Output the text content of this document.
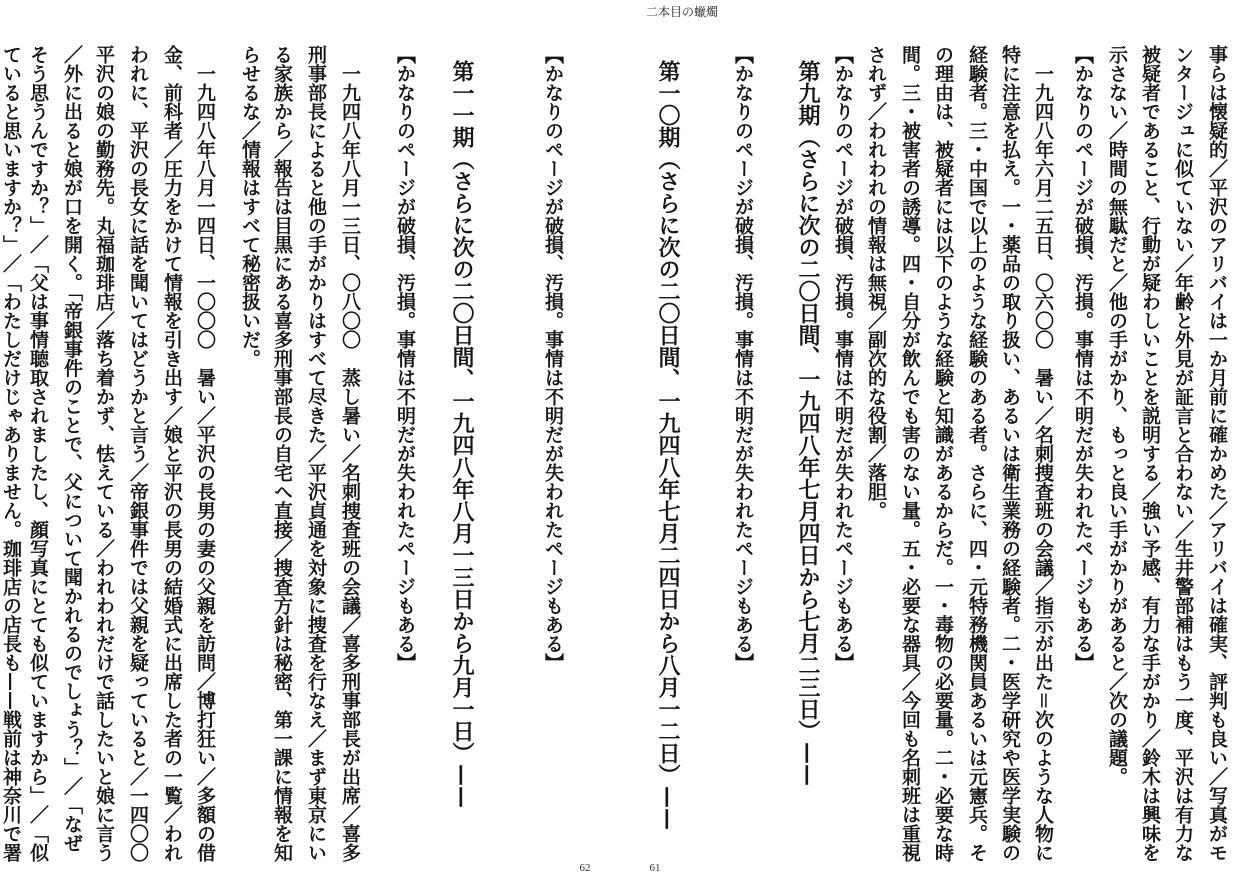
二本目の蠟燭
【かなりのページが破損、汚損。事情は不明だが失われたページもある】
第一一期（さらに次の二〇日間、一九四八年八月一三日から九月一日）——
【かなりのページが破損、汚損。事情は不明だが失われたページもある】
一九四八年八月一三日、〇八〇〇　蒸し暑い／名刺捜査班の会議／喜多刑事部長が出席／喜多
刑事部長によると他の手がかりはすべて尽きた／平沢貞通を対象に捜査を行なえ／まず東京にい
る家族から／報告は目黒にある喜多刑事部長の自宅へ直接／捜査方針は秘密、第一課に情報を知
らせるな／情報はすべて秘密扱いだ。
一九四八年八月一四日、一〇〇〇　暑い／平沢の長男の妻の父親を訪問／博打狂い／多額の借
金、前科者／圧力をかけて情報を引き出す／娘と平沢の長男の結婚式に出席した者の一覧／われ
われに、平沢の長女に話を聞いてはどうかと言う／帝銀事件では父親を疑っていると／一四〇〇
平沢の娘の勤務先。丸福珈琲店／落ち着かず、怯えている／われわれだけで話したいと娘に言う
／外に出ると娘が口を開く。「帝銀事件のことで、父について聞かれるのでしょう？」／「なぜ
そう思うんですか？」／「父は事情聴取されましたし、顔写真にとても似ていますから」／「似
ていると思いますか？」／「わたしだけじゃありません。珈琲店の店長も——戦前は神奈川で署
62
事らは懐疑的／平沢のアリバイは一か月前に確かめた／アリバイは確実、評判も良い／写真がモ
ンタージュに似ていない／年齢と外見が証言と合わない／生井警部補はもう一度、平沢は有力な
被疑者であること、行動が疑わしいことを説明する／強い予感、有力な手がかり／鈴木は興味を
示さない／時間の無駄だと／他の手がかり、もっと良い手がかりがあると／次の議題。
【かなりのページが破損、汚損。事情は不明だが失われたページもある】
一九四八年六月二五日、〇六〇〇　暑い／名刺捜査班の会議／指示が出た＝次のような人物に
特に注意を払え。一・薬品の取り扱い、あるいは衛生業務の経験者。二・医学研究や医学実験の
経験者。三・中国で以上のような経験のある者。さらに、四・元特務機関員あるいは元憲兵。そ
の理由は、被疑者には以下のような経験と知識があるからだ。一・毒物の必要量。二・必要な時
間。三・被害者の誘導。四・自分が飲んでも害のない量。五・必要な器具／今回も名刺班は重視
されず／われわれの情報は無視／副次的な役割／落胆。
【かなりのページが破損、汚損。事情は不明だが失われたページもある】
第九期（さらに次の二〇日間、一九四八年七月四日から七月二三日）——
【かなりのページが破損、汚損。事情は不明だが失われたページもある】
第一〇期（さらに次の二〇日間、一九四八年七月二四日から八月一二日）——
61
